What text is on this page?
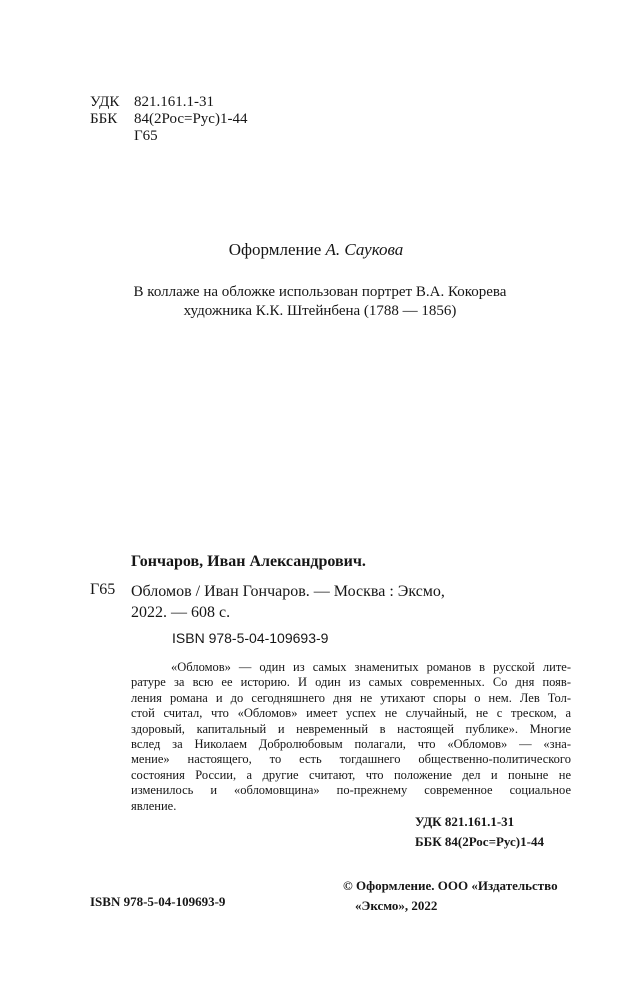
УДК 821.161.1-31
ББК 84(2Рос=Рус)1-44
Г65
Оформление А. Саукова
В коллаже на обложке использован портрет В.А. Кокорева
художника К.К. Штейнбена (1788 — 1856)
Гончаров, Иван Александрович.
Г65 Обломов / Иван Гончаров. — Москва : Эксмо,
2022. — 608 с.
ISBN 978-5-04-109693-9
«Обломов» — один из самых знаменитых романов в русской лите-
ратуре за всю ее историю. И один из самых современных. Со дня появ-
ления романа и до сегодняшнего дня не утихают споры о нем. Лев Тол-
стой считал, что «Обломов» имеет успех не случайный, не с треском, а
здоровый, капитальный и невременный в настоящей публике». Многие
вслед за Николаем Добролюбовым полагали, что «Обломов» — «зна-
мение» настоящего, то есть тогдашнего общественно-политического
состояния России, а другие считают, что положение дел и поныне не
изменилось и «обломовщина» по-прежнему современное социальное
явление.
УДК 821.161.1-31
ББК 84(2Рос=Рус)1-44
© Оформление. ООО «Издательство
«Эксмо», 2022
ISBN 978-5-04-109693-9
